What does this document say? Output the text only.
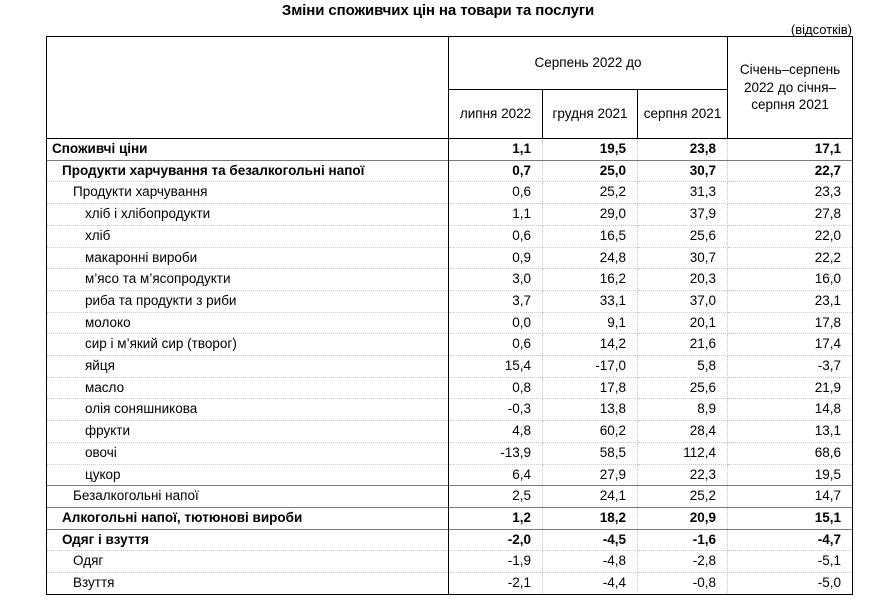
Зміни споживчих цін на товари та послуги
(відсоткiв)
	Серпень 2022 до			Січень–серпень 2022 до січня–серпня 2021
	липня 2022	грудня 2021	серпня 2021	
Споживчі ціни	1,1	19,5	23,8	17,1
Продукти харчування та безалкогольні напої	0,7	25,0	30,7	22,7
Продукти харчування	0,6	25,2	31,3	23,3
хліб і хлібопродукти	1,1	29,0	37,9	27,8
хліб	0,6	16,5	25,6	22,0
макаронні вироби	0,9	24,8	30,7	22,2
м’ясо та м’ясопродукти	3,0	16,2	20,3	16,0
риба та продукти з риби	3,7	33,1	37,0	23,1
молоко	0,0	9,1	20,1	17,8
сир і м’який сир (творог)	0,6	14,2	21,6	17,4
яйця	15,4	-17,0	5,8	-3,7
масло	0,8	17,8	25,6	21,9
олія соняшникова	-0,3	13,8	8,9	14,8
фрукти	4,8	60,2	28,4	13,1
овочі	-13,9	58,5	112,4	68,6
цукор	6,4	27,9	22,3	19,5
Безалкогольні напої	2,5	24,1	25,2	14,7
Алкогольні напої, тютюнові вироби	1,2	18,2	20,9	15,1
Одяг і взуття	-2,0	-4,5	-1,6	-4,7
Одяг	-1,9	-4,8	-2,8	-5,1
Взуття	-2,1	-4,4	-0,8	-5,0
